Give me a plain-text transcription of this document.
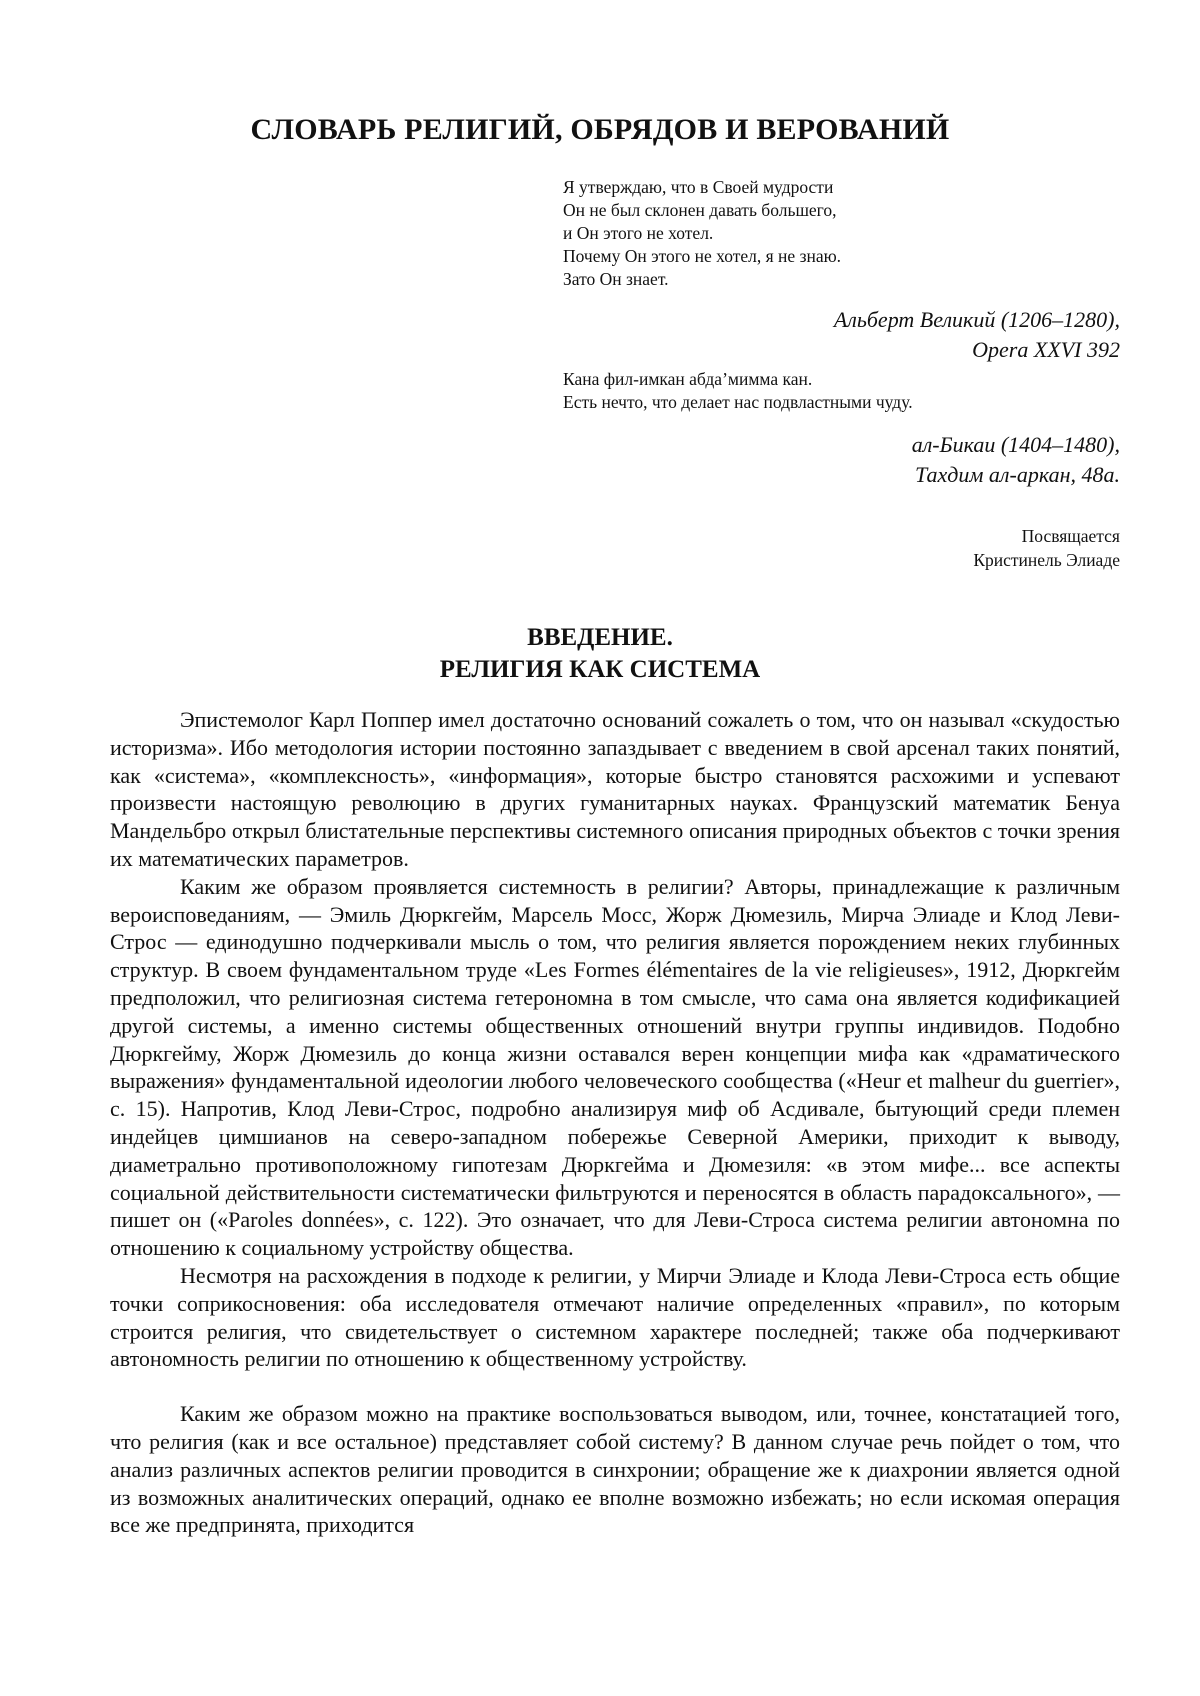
СЛОВАРЬ РЕЛИГИЙ, ОБРЯДОВ И ВЕРОВАНИЙ
Я утверждаю, что в Своей мудрости
Он не был склонен давать большего,
и Он этого не хотел.
Почему Он этого не хотел, я не знаю.
Зато Он знает.
Альберт Великий (1206–1280),
Opera XXVI 392
Кана фил-имкан абда’мимма кан.
Есть нечто, что делает нас подвластными чуду.
ал-Бикаи (1404–1480),
Тахдим ал-аркан, 48а.
Посвящается
Кристинель Элиаде
ВВЕДЕНИЕ.
РЕЛИГИЯ КАК СИСТЕМА

Эпистемолог Карл Поппер имел достаточно оснований сожалеть о том, что он называл «скудостью историзма». Ибо методология истории постоянно запаздывает с введением в свой арсенал таких понятий, как «система», «комплексность», «информация», которые быстро становятся расхожими и успевают произвести настоящую революцию в других гуманитарных науках. Французский математик Бенуа Мандельбро открыл блистательные перспективы системного описания природных объектов с точки зрения их математических параметров.

Каким же образом проявляется системность в религии? Авторы, принадлежащие к различным вероисповеданиям, — Эмиль Дюркгейм, Марсель Мосс, Жорж Дюмезиль, Мирча Элиаде и Клод Леви-Строс — единодушно подчеркивали мысль о том, что религия является порождением неких глубинных структур. В своем фундаментальном труде «Les Formes élémentaires de la vie religieuses», 1912, Дюркгейм предположил, что религиозная система гетерономна в том смысле, что сама она является кодификацией другой системы, а именно системы общественных отношений внутри группы индивидов. Подобно Дюркгейму, Жорж Дюмезиль до конца жизни оставался верен концепции мифа как «драматического выражения» фундаментальной идеологии любого человеческого сообщества («Heur et malheur du guerrier», с. 15). Напротив, Клод Леви-Строс, подробно анализируя миф об Асдивале, бытующий среди племен индейцев цимшианов на северо-западном побережье Северной Америки, приходит к выводу, диаметрально противоположному гипотезам Дюркгейма и Дюмезиля: «в этом мифе... все аспекты социальной действительности систематически фильтруются и переносятся в область парадоксального», — пишет он («Paroles données», с. 122). Это означает, что для Леви-Строса система религии автономна по отношению к социальному устройству общества.

Несмотря на расхождения в подходе к религии, у Мирчи Элиаде и Клода Леви-Строса есть общие точки соприкосновения: оба исследователя отмечают наличие определенных «правил», по которым строится религия, что свидетельствует о системном характере последней; также оба подчеркивают автономность религии по отношению к общественному устройству.

Каким же образом можно на практике воспользоваться выводом, или, точнее, констатацией того, что религия (как и все остальное) представляет собой систему? В данном случае речь пойдет о том, что анализ различных аспектов религии проводится в синхронии; обращение же к диахронии является одной из возможных аналитических операций, однако ее вполне возможно избежать; но если искомая операция все же предпринята, приходится
